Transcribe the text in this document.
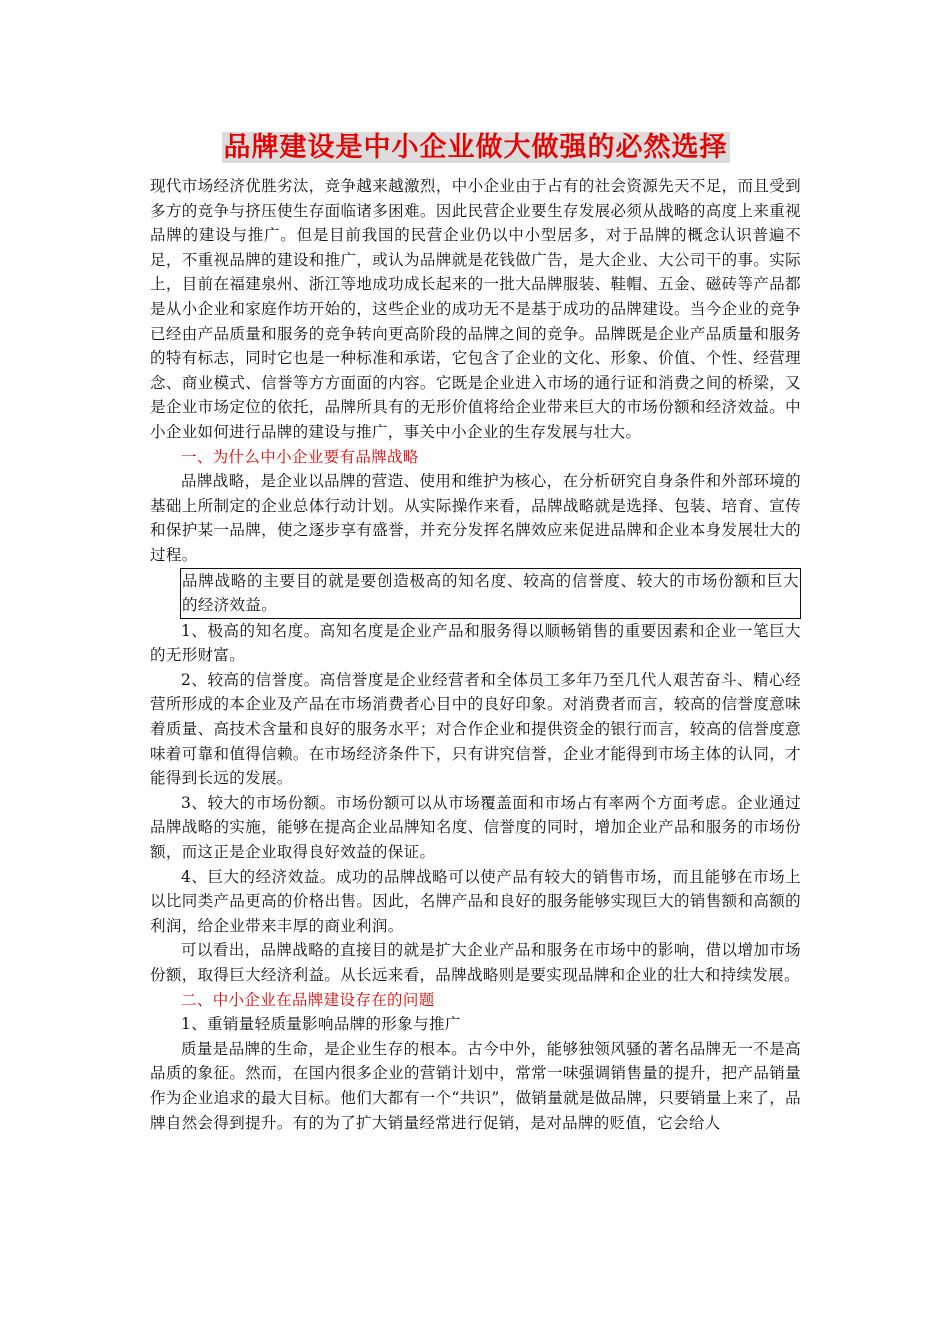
品牌建设是中小企业做大做强的必然选择

现代市场经济优胜劣汰，竞争越来越激烈，中小企业由于占有的社会资源先天不足，而且受到多方的竞争与挤压使生存面临诸多困难。因此民营企业要生存发展必须从战略的高度上来重视品牌的建设与推广。但是目前我国的民营企业仍以中小型居多，对于品牌的概念认识普遍不足，不重视品牌的建设和推广，或认为品牌就是花钱做广告，是大企业、大公司干的事。实际上，目前在福建泉州、浙江等地成功成长起来的一批大品牌服装、鞋帽、五金、磁砖等产品都是从小企业和家庭作坊开始的，这些企业的成功无不是基于成功的品牌建设。当今企业的竞争已经由产品质量和服务的竞争转向更高阶段的品牌之间的竞争。品牌既是企业产品质量和服务的特有标志，同时它也是一种标准和承诺，它包含了企业的文化、形象、价值、个性、经营理念、商业模式、信誉等方方面面的内容。它既是企业进入市场的通行证和消费之间的桥梁，又是企业市场定位的依托，品牌所具有的无形价值将给企业带来巨大的市场份额和经济效益。中小企业如何进行品牌的建设与推广，事关中小企业的生存发展与壮大。

一、为什么中小企业要有品牌战略

品牌战略，是企业以品牌的营造、使用和维护为核心，在分析研究自身条件和外部环境的基础上所制定的企业总体行动计划。从实际操作来看，品牌战略就是选择、包装、培育、宣传和保护某一品牌，使之逐步享有盛誉，并充分发挥名牌效应来促进品牌和企业本身发展壮大的过程。

品牌战略的主要目的就是要创造极高的知名度、较高的信誉度、较大的市场份额和巨大的经济效益。

1、极高的知名度。高知名度是企业产品和服务得以顺畅销售的重要因素和企业一笔巨大的无形财富。

2、较高的信誉度。高信誉度是企业经营者和全体员工多年乃至几代人艰苦奋斗、精心经营所形成的本企业及产品在市场消费者心目中的良好印象。对消费者而言，较高的信誉度意味着质量、高技术含量和良好的服务水平；对合作企业和提供资金的银行而言，较高的信誉度意味着可靠和值得信赖。在市场经济条件下，只有讲究信誉，企业才能得到市场主体的认同，才能得到长远的发展。

3、较大的市场份额。市场份额可以从市场覆盖面和市场占有率两个方面考虑。企业通过品牌战略的实施，能够在提高企业品牌知名度、信誉度的同时，增加企业产品和服务的市场份额，而这正是企业取得良好效益的保证。

4、巨大的经济效益。成功的品牌战略可以使产品有较大的销售市场，而且能够在市场上以比同类产品更高的价格出售。因此，名牌产品和良好的服务能够实现巨大的销售额和高额的利润，给企业带来丰厚的商业利润。

可以看出，品牌战略的直接目的就是扩大企业产品和服务在市场中的影响，借以增加市场份额，取得巨大经济利益。从长远来看，品牌战略则是要实现品牌和企业的壮大和持续发展。

二、中小企业在品牌建设存在的问题

1、重销量轻质量影响品牌的形象与推广

质量是品牌的生命，是企业生存的根本。古今中外，能够独领风骚的著名品牌无一不是高品质的象征。然而，在国内很多企业的营销计划中，常常一味强调销售量的提升，把产品销量作为企业追求的最大目标。他们大都有一个“共识”，做销量就是做品牌，只要销量上来了，品牌自然会得到提升。有的为了扩大销量经常进行促销，是对品牌的贬值，它会给人
